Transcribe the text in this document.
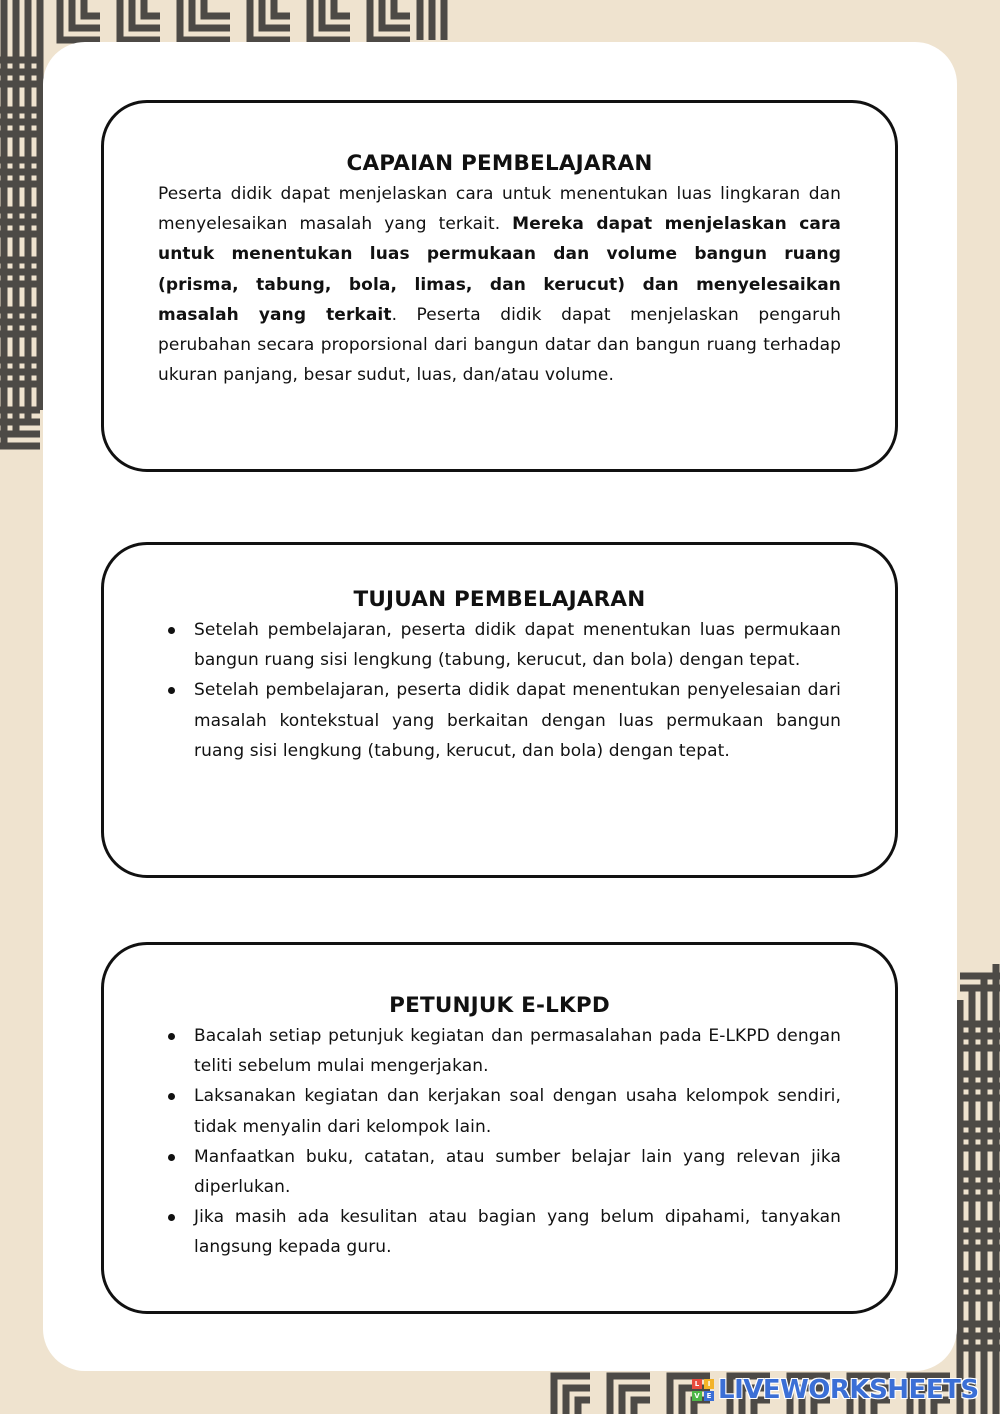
CAPAIAN PEMBELAJARAN

Peserta didik dapat menjelaskan cara untuk menentukan luas lingkaran dan menyelesaikan masalah yang terkait. Mereka dapat menjelaskan cara untuk menentukan luas permukaan dan volume bangun ruang (prisma, tabung, bola, limas, dan kerucut) dan menyelesaikan masalah yang terkait. Peserta didik dapat menjelaskan pengaruh perubahan secara proporsional dari bangun datar dan bangun ruang terhadap ukuran panjang, besar sudut, luas, dan/atau volume.

TUJUAN PEMBELAJARAN
Setelah pembelajaran, peserta didik dapat menentukan luas permukaan bangun ruang sisi lengkung (tabung, kerucut, dan bola) dengan tepat.
Setelah pembelajaran, peserta didik dapat menentukan penyelesaian dari masalah kontekstual yang berkaitan dengan luas permukaan bangun ruang sisi lengkung (tabung, kerucut, dan bola) dengan tepat.
PETUNJUK E-LKPD
Bacalah setiap petunjuk kegiatan dan permasalahan pada E-LKPD dengan teliti sebelum mulai mengerjakan.
Laksanakan kegiatan dan kerjakan soal dengan usaha kelompok sendiri, tidak menyalin dari kelompok lain.
Manfaatkan buku, catatan, atau sumber belajar lain yang relevan jika diperlukan.
Jika masih ada kesulitan atau bagian yang belum dipahami, tanyakan langsung kepada guru.
L	I
V E LIVEWORKSHEETS
